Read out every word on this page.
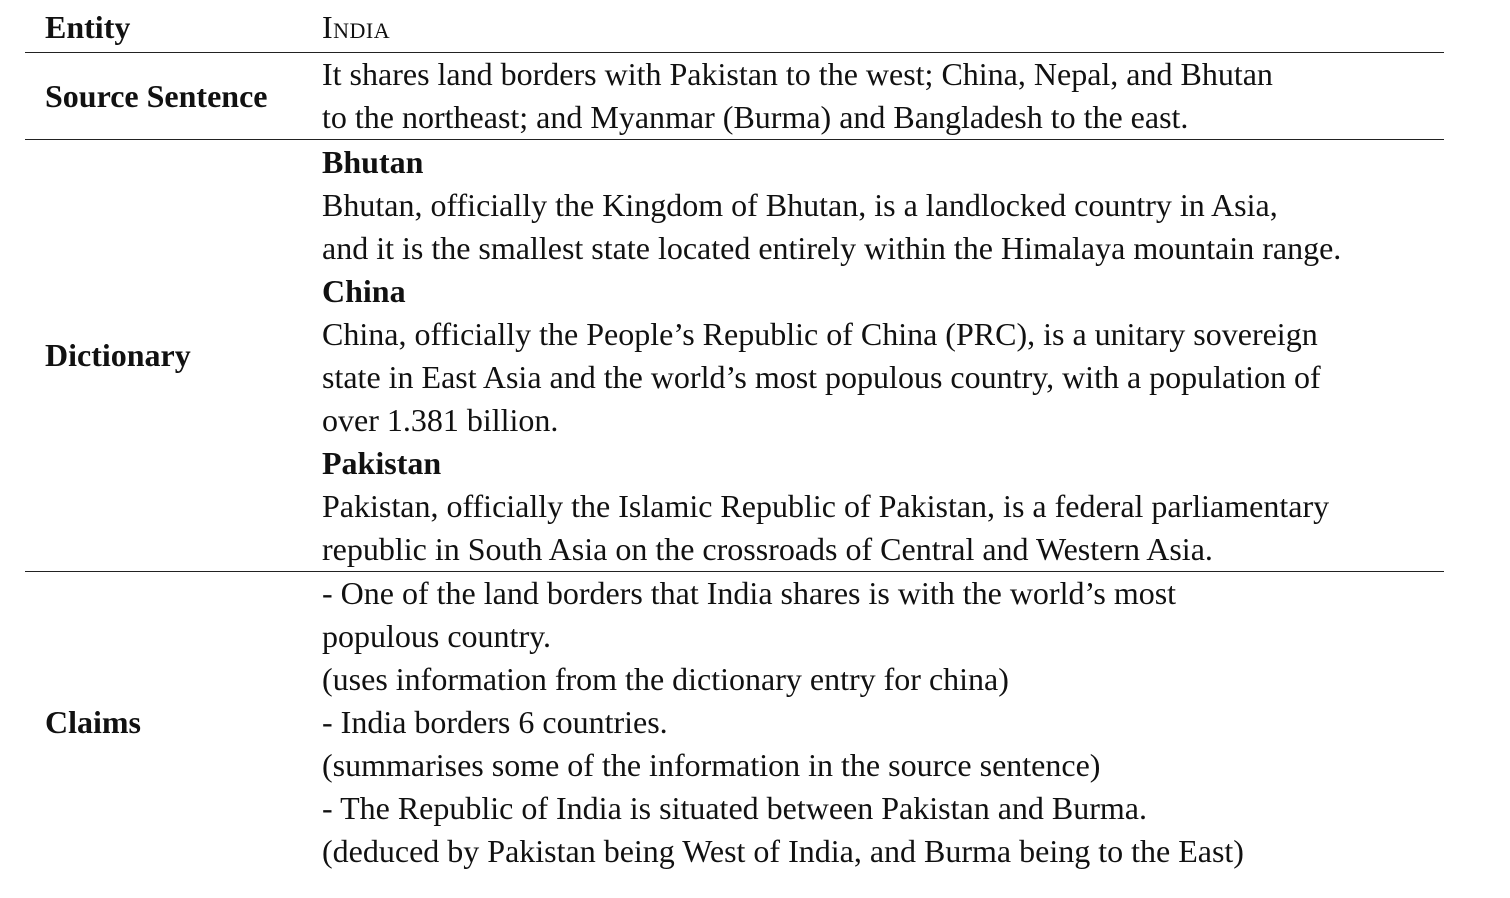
Entity	India
Source Sentence
It shares land borders with Pakistan to the west; China, Nepal, and Bhutan
to the northeast; and Myanmar (Burma) and Bangladesh to the east.
Dictionary
Bhutan
Bhutan, officially the Kingdom of Bhutan, is a landlocked country in Asia,
and it is the smallest state located entirely within the Himalaya mountain range.
China
China, officially the People’s Republic of China (PRC), is a unitary sovereign
state in East Asia and the world’s most populous country, with a population of
over 1.381 billion.
Pakistan
Pakistan, officially the Islamic Republic of Pakistan, is a federal parliamentary
republic in South Asia on the crossroads of Central and Western Asia.
Claims
- One of the land borders that India shares is with the world’s most
populous country.
(uses information from the dictionary entry for china)
- India borders 6 countries.
(summarises some of the information in the source sentence)
- The Republic of India is situated between Pakistan and Burma.
(deduced by Pakistan being West of India, and Burma being to the East)
